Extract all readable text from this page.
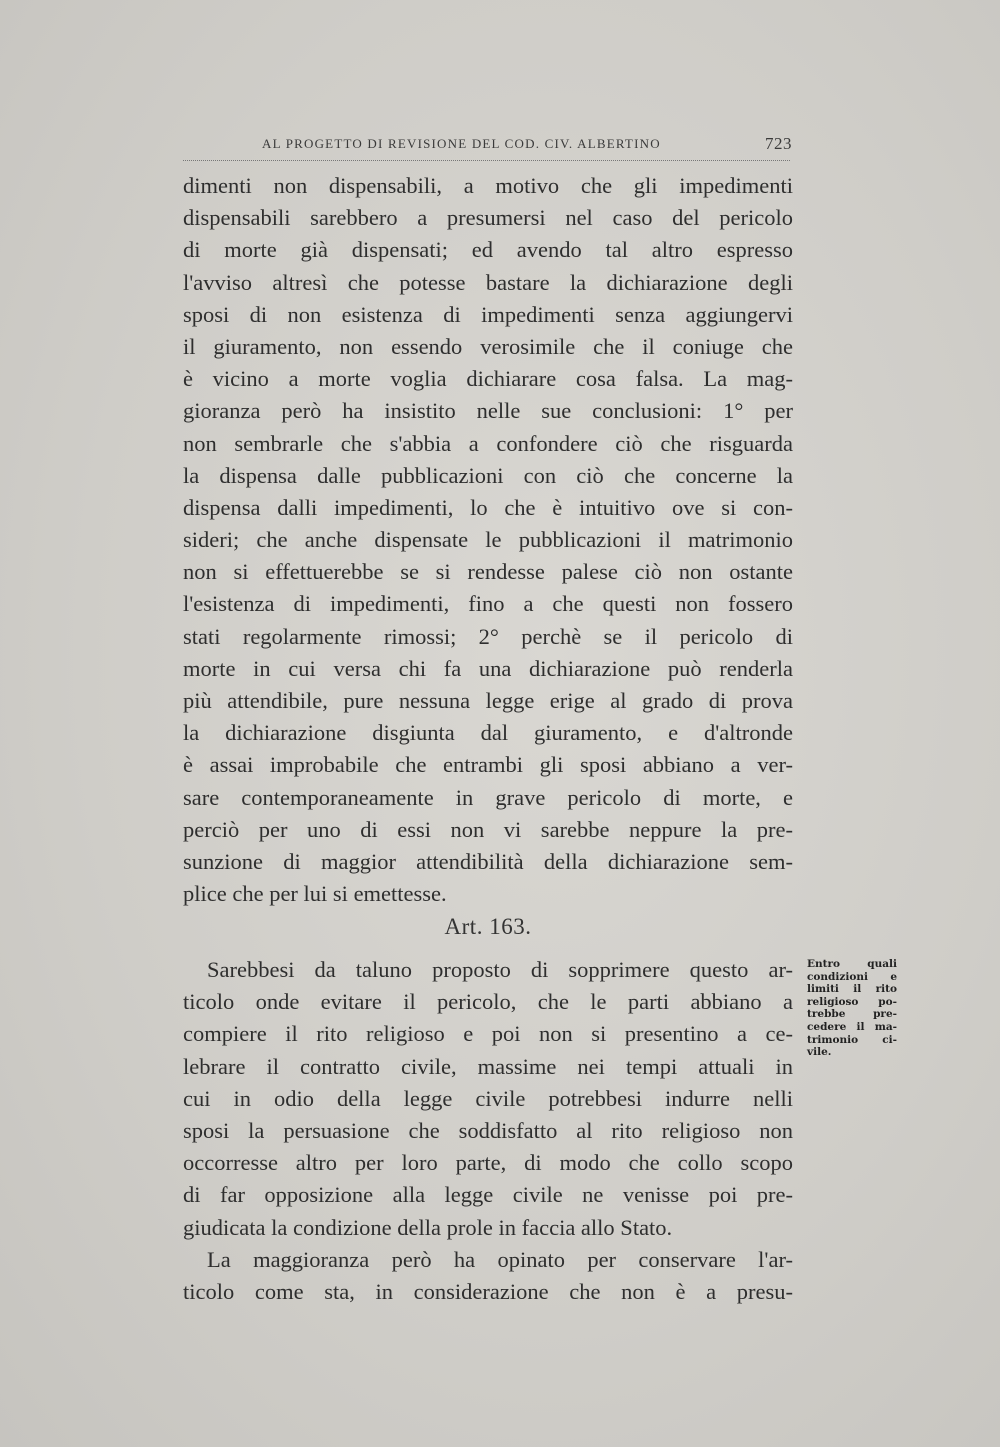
AL PROGETTO DI REVISIONE DEL COD. CIV. ALBERTINO	723
dimenti non dispensabili, a motivo che gli impedimenti
dispensabili sarebbero a presumersi nel caso del pericolo
di morte già dispensati; ed avendo tal altro espresso
l'avviso altresì che potesse bastare la dichiarazione degli
sposi di non esistenza di impedimenti senza aggiungervi
il giuramento, non essendo verosimile che il coniuge che
è vicino a morte voglia dichiarare cosa falsa. La mag-
gioranza però ha insistito nelle sue conclusioni: 1° per
non sembrarle che s'abbia a confondere ciò che risguarda
la dispensa dalle pubblicazioni con ciò che concerne la
dispensa dalli impedimenti, lo che è intuitivo ove si con-
sideri; che anche dispensate le pubblicazioni il matrimonio
non si effettuerebbe se si rendesse palese ciò non ostante
l'esistenza di impedimenti, fino a che questi non fossero
stati regolarmente rimossi; 2° perchè se il pericolo di
morte in cui versa chi fa una dichiarazione può renderla
più attendibile, pure nessuna legge erige al grado di prova
la dichiarazione disgiunta dal giuramento, e d'altronde
è assai improbabile che entrambi gli sposi abbiano a ver-
sare contemporaneamente in grave pericolo di morte, e
perciò per uno di essi non vi sarebbe neppure la pre-
sunzione di maggior attendibilità della dichiarazione sem-
plice che per lui si emettesse.
Art. 163.
Sarebbesi da taluno proposto di sopprimere questo ar-
ticolo onde evitare il pericolo, che le parti abbiano a
compiere il rito religioso e poi non si presentino a ce-
lebrare il contratto civile, massime nei tempi attuali in
cui in odio della legge civile potrebbesi indurre nelli
sposi la persuasione che soddisfatto al rito religioso non
occorresse altro per loro parte, di modo che collo scopo
di far opposizione alla legge civile ne venisse poi pre-
giudicata la condizione della prole in faccia allo Stato.
La maggioranza però ha opinato per conservare l'ar-
ticolo come sta, in considerazione che non è a presu-
Entro quali
condizioni e
limiti il rito
religioso po-
trebbe pre-
cedere il ma-
trimonio ci-
vile.
